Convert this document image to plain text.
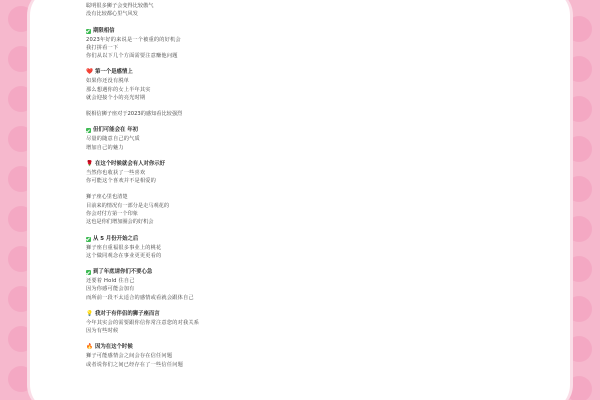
聪明很多狮子会变得比较傲气
没有比较都心里气风发
期限相信
2023年好的来说是一个被重的的好机会
我打拼看一下
你们从以下几个方面需要注意赚他问题
❤️ 第一个是感情上
如果你还没有脱单
那么想遇你的女上半年其实
就会迎接个小的亮光时期
脱相信狮子座对于2023的感知看比较强烈
但们可能会在 年初
尽量的随意自己的气质
增加自己的魅力
🌹 在这个时候就会有人对你示好
当然你也收获了一些喜欢
你可能这个喜欢并不是相爱的
狮子座心里也清楚
目前来的情况有一部分是走马观花的
你会对付方第一个印象
这也是你们增加圈会的好机会
从 5 月份开始之后
狮子座自重福很多事业上的桃花
这个做同观念在事业更更更看的
到了年底请你们不要心急
还要着 Hold 住自己
因为你感可能会加有
而所前一段不太适合的感情或看就会跟体自己
💡 我对于有伴侣的狮子座而言
今年其实会的需要跟你信你常注意您的对我关系
因为有些时候
🔥 因为在这个时候
狮子可能感情会之间会存在信任问题
或者说你们之间已经存在了一些信任问题
